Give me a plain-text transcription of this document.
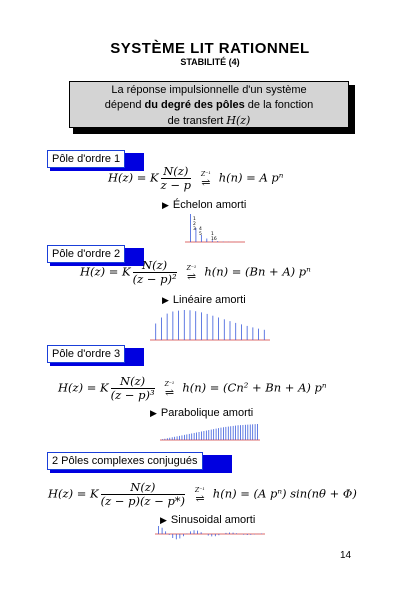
SYSTÈME LIT RATIONNEL
STABILITÉ (4)
La réponse impulsionnelle d'un système
dépend du degré des pôles de la fonction
de transfert H(z)
Pôle d'ordre 1
H(z) = K $\frac{N(z)}{z - p} Z^{-1}$
⇌ h(n) = A pⁿ
▶ Échelon amorti
1
2
3 4
5 1
16
Pôle d'ordre 2
H(z) = K $\frac{N(z)}{\text{(z − p)²}} Z^{-1}$
⇌ h(n) = (Bn + A) pⁿ
▶ Linéaire amorti
Pôle d'ordre 3
H(z) = K $\frac{N(z)}{\text{(z − p)³}} Z^{-1}$
⇌ h(n) = (Cn² + Bn + A) pⁿ
▶ Parabolique amorti
2 Pôles complexes conjugués
H(z) = K $\frac{N(z)}{(z - p)(z - p*)} Z^{-1}$
⇌ h(n) = (A pⁿ) sin(nθ + Φ)
▶ Sinusoidal amorti
14
